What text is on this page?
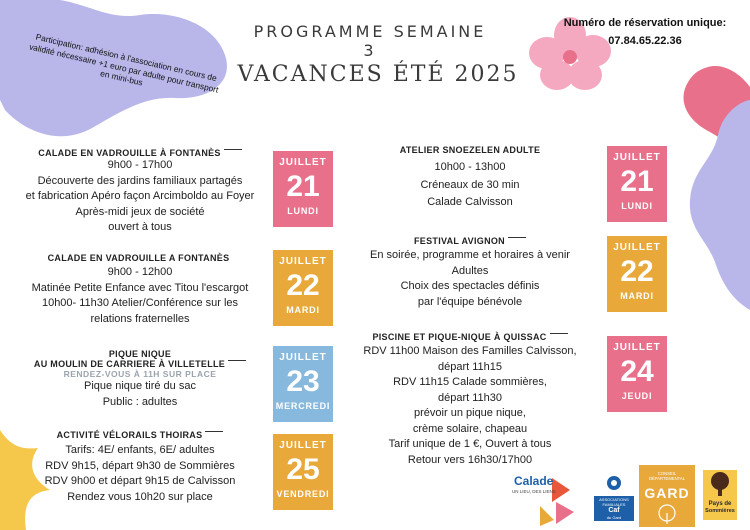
PROGRAMME SEMAINE 3
VACANCES ÉTÉ 2025
Numéro de réservation unique:
07.84.65.22.36
Participation: adhésion à l'association en cours de validité nécessaire +1 euro par adulte pour transport en mini-bus
CALADE EN VADROUILLE À FONTANÈS
9h00 - 17h00
Découverte des jardins familiaux partagés
et fabrication Apéro façon Arcimboldo au Foyer
Après-midi jeux de société
ouvert à tous
CALADE EN VADROUILLE A FONTANÈS
9h00 - 12h00
Matinée Petite Enfance avec Titou l'escargot
10h00- 11h30 Atelier/Conférence sur les
relations fraternelles
PIQUE NIQUE
AU MOULIN DE CARRIERE À VILLETELLE
RENDEZ-VOUS À 11H SUR PLACE
Pique nique tiré du sac
Public : adultes
ACTIVITÉ VÉLORAILS THOIRAS
Tarifs: 4E/ enfants, 6E/ adultes
RDV 9h15, départ 9h30 de Sommières
RDV 9h00 et départ 9h15 de Calvisson
Rendez vous 10h20 sur place
JUILLET
21
LUNDI
JUILLET
22
MARDI
JUILLET
23
MERCREDI
JUILLET
25
VENDREDI
ATELIER SNOEZELEN ADULTE
10h00 - 13h00
Créneaux de 30 min
Calade Calvisson
FESTIVAL AVIGNON
En soirée, programme et horaires à venir
Adultes
Choix des spectacles définis
par l'équipe bénévole
PISCINE ET PIQUE-NIQUE À QUISSAC
RDV 11h00 Maison des Familles Calvisson,
départ 11h15
RDV 11h15 Calade sommières,
départ 11h30
prévoir un pique nique,
crème solaire, chapeau
Tarif unique de 1 €, Ouvert à tous
Retour vers 16h30/17h00
JUILLET
21
LUNDI
JUILLET
22
MARDI
JUILLET
24
JEUDI
Calade
UN LIEU, DES LIENS
ASSOCIATIONS
FAMILIALES
Caf
du Gard
CONSEIL DÉPARTEMENTAL
GARD
Pays de
Sommières
